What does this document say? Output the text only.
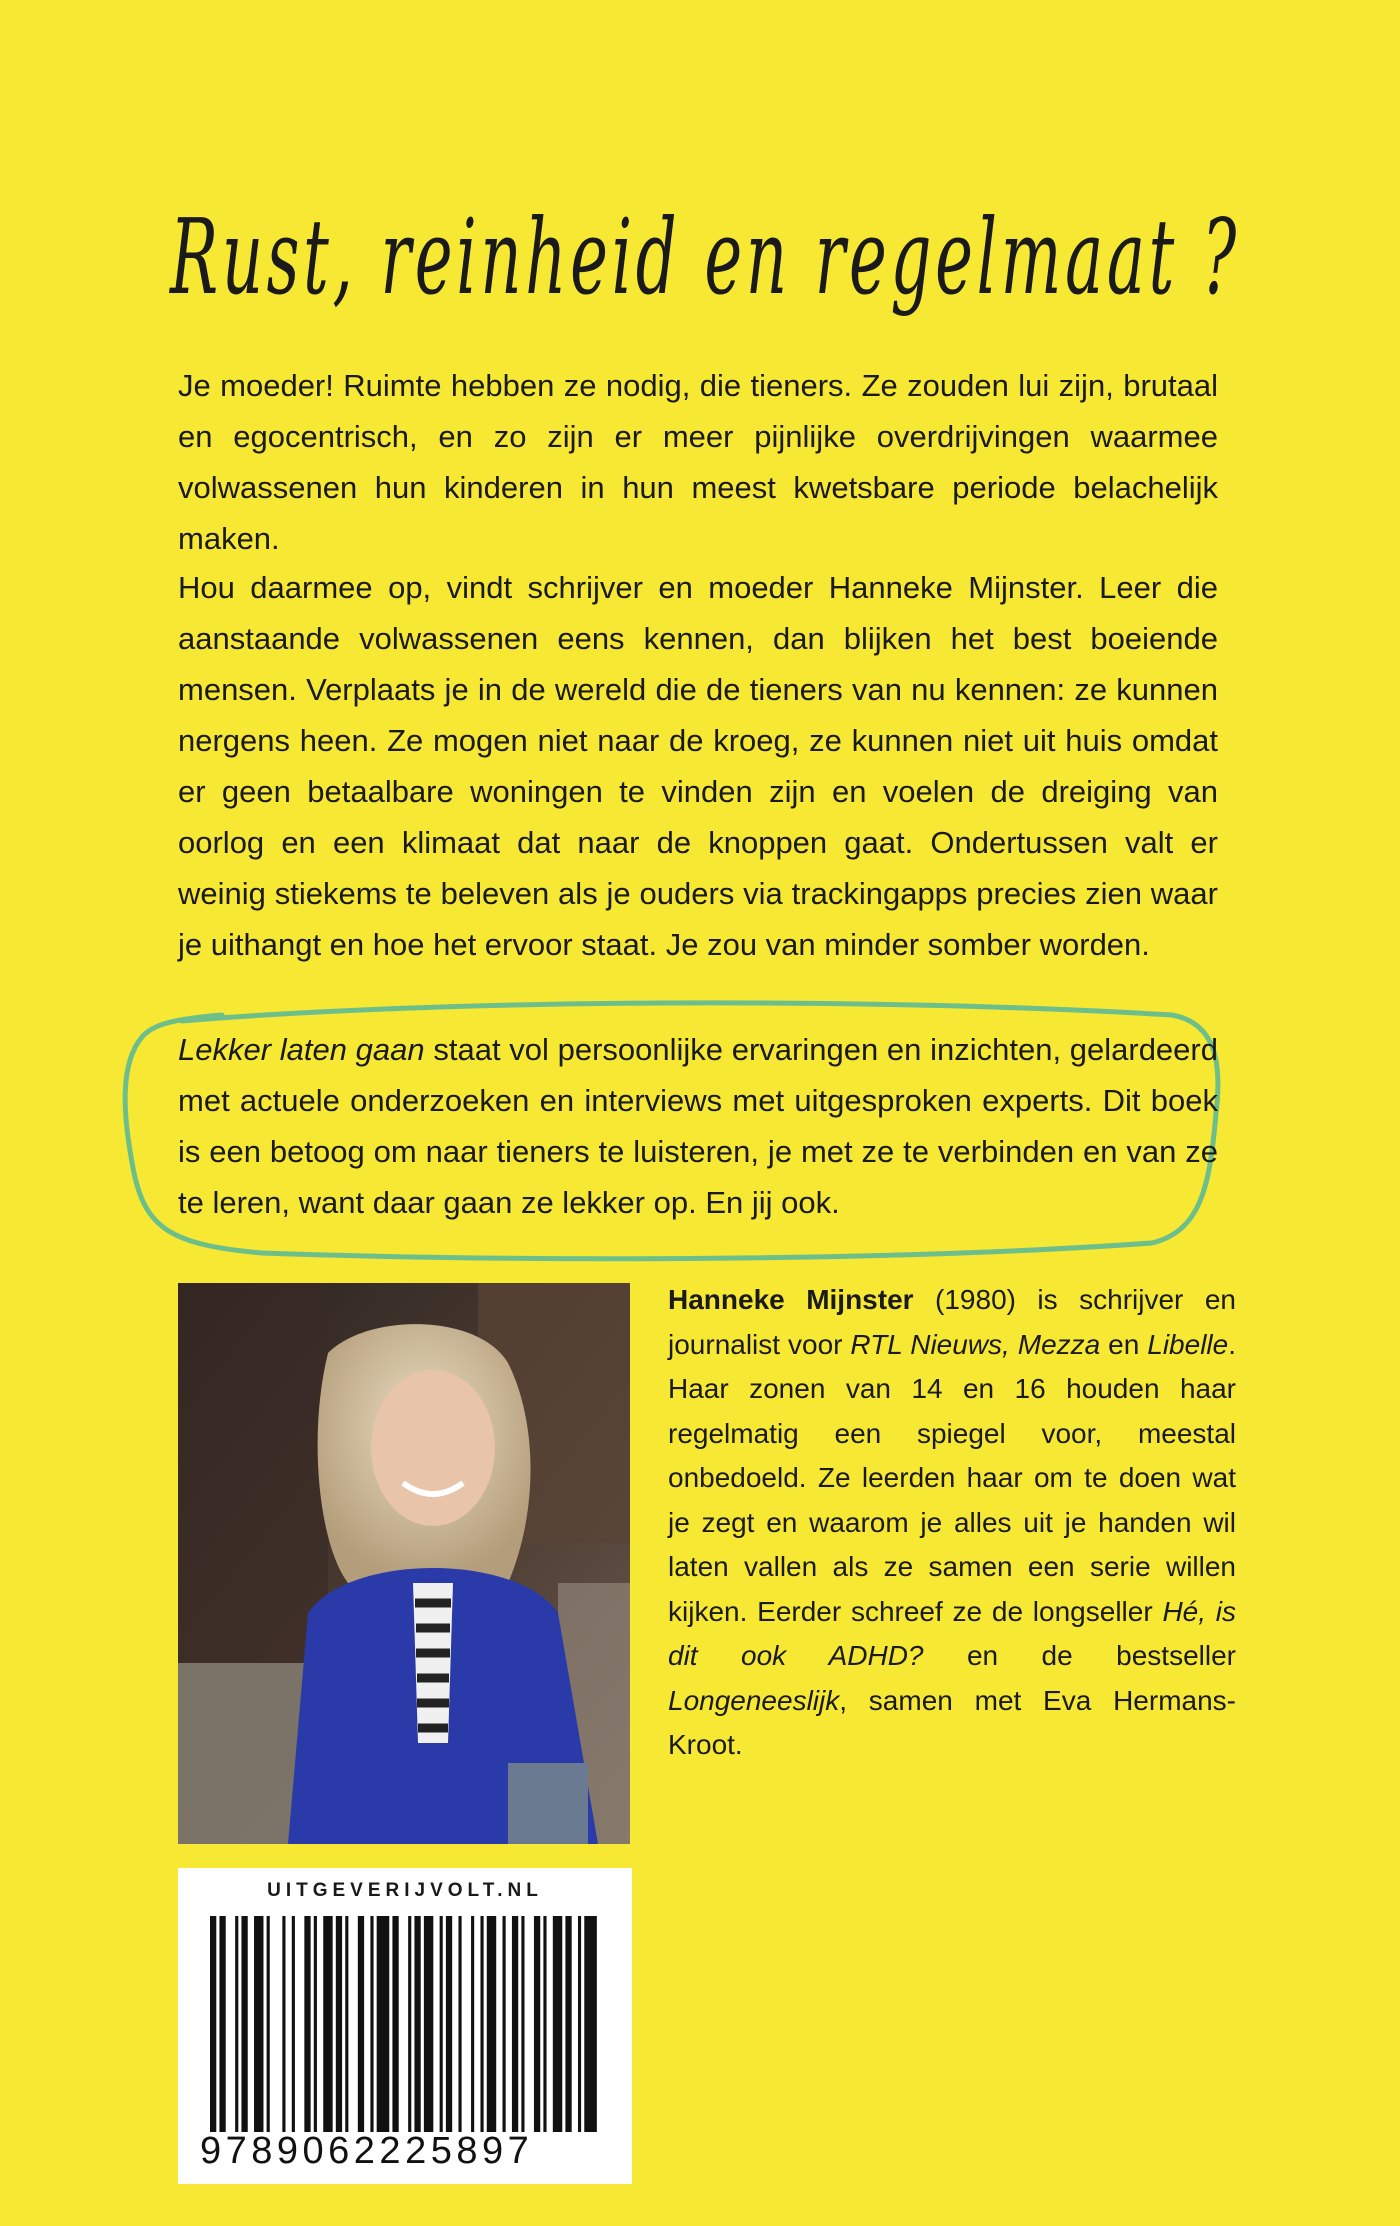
Rust, reinheid en regelmaat ?

Je moeder! Ruimte hebben ze nodig, die tieners. Ze zouden lui zijn, brutaal en egocentrisch, en zo zijn er meer pijnlijke overdrijvingen waarmee volwassenen hun kinderen in hun meest kwetsbare periode belachelijk maken.

Hou daarmee op, vindt schrijver en moeder Hanneke Mijnster. Leer die aanstaande volwassenen eens kennen, dan blijken het best boeiende mensen. Verplaats je in de wereld die de tieners van nu kennen: ze kunnen nergens heen. Ze mogen niet naar de kroeg, ze kunnen niet uit huis omdat er geen betaalbare woningen te vinden zijn en voelen de dreiging van oorlog en een klimaat dat naar de knoppen gaat. Ondertussen valt er weinig stiekems te beleven als je ouders via trackingapps precies zien waar je uithangt en hoe het ervoor staat. Je zou van minder somber worden.

Lekker laten gaan staat vol persoonlijke ervaringen en inzichten, gelardeerd met actuele onderzoeken en interviews met uitgesproken experts. Dit boek is een betoog om naar tieners te luisteren, je met ze te verbinden en van ze te leren, want daar gaan ze lekker op. En jij ook.

Hanneke Mijnster (1980) is schrijver en journalist voor RTL Nieuws, Mezza en Libelle. Haar zonen van 14 en 16 houden haar regelmatig een spiegel voor, meestal onbedoeld. Ze leerden haar om te doen wat je zegt en waarom je alles uit je handen wil laten vallen als ze samen een serie willen kijken. Eerder schreef ze de longseller Hé, is dit ook ADHD? en de bestseller Longeneeslijk, samen met Eva Hermans-Kroot.

UITGEVERIJVOLT.NL
9789062225897
